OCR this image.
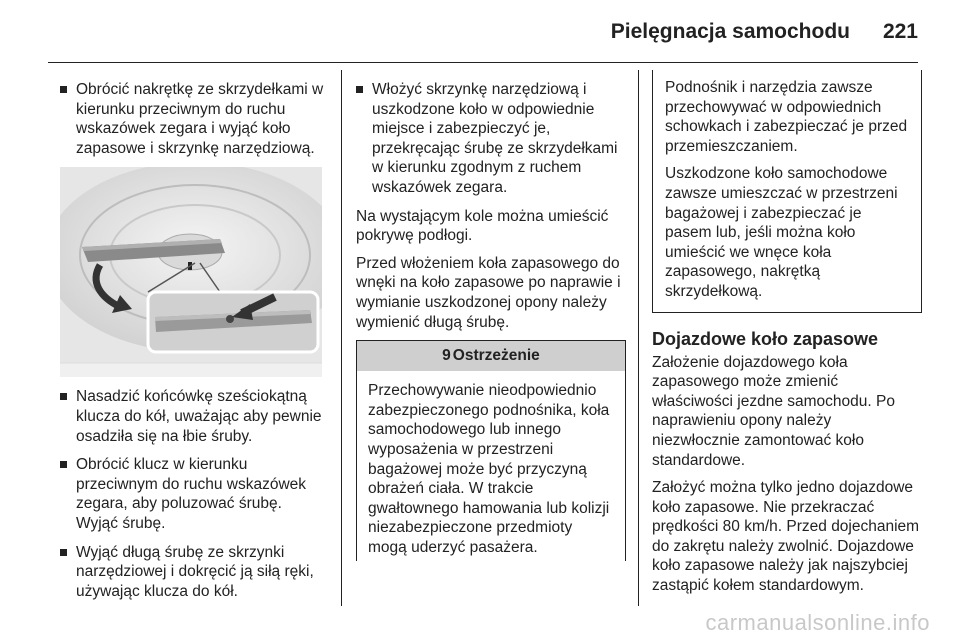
Pielęgnacja samochodu 221
Obrócić nakrętkę ze skrzydełkami w kierunku przeciwnym do ruchu wskazówek zegara i wyjąć koło zapasowe i skrzynkę narzędziową.
Nasadzić końcówkę sześciokątną klucza do kół, uważając aby pewnie osadziła się na łbie śruby.
Obrócić klucz w kierunku przeciwnym do ruchu wskazówek zegara, aby poluzować śrubę. Wyjąć śrubę.
Wyjąć długą śrubę ze skrzynki narzędziowej i dokręcić ją siłą ręki, używając klucza do kół.
Włożyć skrzynkę narzędziową i uszkodzone koło w odpowiednie miejsce i zabezpieczyć je, przekręcając śrubę ze skrzydełkami w kierunku zgodnym z ruchem wskazówek zegara.

Na wystającym kole można umieścić pokrywę podłogi.

Przed włożeniem koła zapasowego do wnęki na koło zapasowe po naprawie i wymianie uszkodzonej opony należy wymienić długą śrubę.

9 Ostrzeżenie
Przechowywanie nieodpowiednio zabezpieczonego podnośnika, koła samochodowego lub innego wyposażenia w przestrzeni bagażowej może być przyczyną obrażeń ciała. W trakcie gwałtownego hamowania lub kolizji niezabezpieczone przedmioty mogą uderzyć pasażera.

Podnośnik i narzędzia zawsze przechowywać w odpowiednich schowkach i zabezpieczać je przed przemieszczaniem.

Uszkodzone koło samochodowe zawsze umieszczać w przestrzeni bagażowej i zabezpieczać je pasem lub, jeśli można koło umieścić we wnęce koła zapasowego, nakrętką skrzydełkową.

Dojazdowe koło zapasowe

Założenie dojazdowego koła zapasowego może zmienić właściwości jezdne samochodu. Po naprawieniu opony należy niezwłocznie zamontować koło standardowe.

Założyć można tylko jedno dojazdowe koło zapasowe. Nie przekraczać prędkości 80 km/h. Przed dojechaniem do zakrętu należy zwolnić. Dojazdowe koło zapasowe należy jak najszybciej zastąpić kołem standardowym.

carmanualsonline.info
